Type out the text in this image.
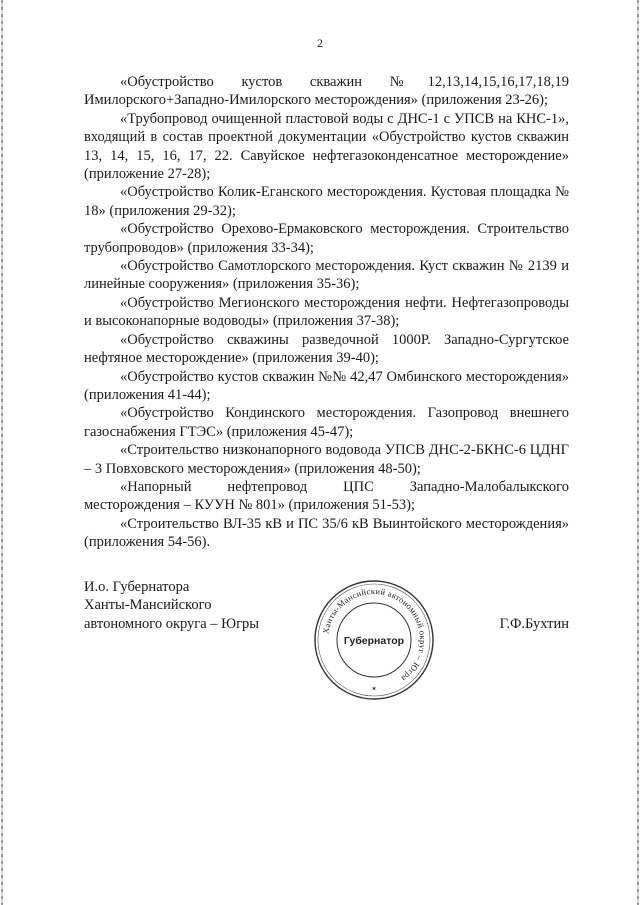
2

«Обустройство кустов скважин №12,13,14,15,16,17,18,19 Имилорского+Западно-Имилорского месторождения» (приложения 23-26);

«Трубопровод очищенной пластовой воды с ДНС-1 с УПСВ на КНС-1», входящий в состав проектной документации «Обустройство кустов скважин 13, 14, 15, 16, 17, 22. Савуйское нефтегазоконденсатное месторождение» (приложение 27-28);

«Обустройство Колик-Еганского месторождения. Кустовая площадка № 18» (приложения 29-32);

«Обустройство Орехово-Ермаковского месторождения. Строительство трубопроводов» (приложения 33-34);

«Обустройство Самотлорского месторождения. Куст скважин № 2139 и линейные сооружения» (приложения 35-36);

«Обустройство Мегионского месторождения нефти. Нефтегазопроводы и высоконапорные водоводы» (приложения 37-38);

«Обустройство скважины разведочной 1000Р. Западно-Сургутское нефтяное месторождение» (приложения 39-40);

«Обустройство кустов скважин №№ 42,47 Омбинского месторождения» (приложения 41-44);

«Обустройство Кондинского месторождения. Газопровод внешнего газоснабжения ГТЭС» (приложения 45-47);

«Строительство низконапорного водовода УПСВ ДНС-2-БКНС-6 ЦДНГ – 3 Повховского месторождения» (приложения 48-50);

«Напорный нефтепровод ЦПС Западно-Малобалыкского месторождения – КУУН № 801» (приложения 51-53);

«Строительство ВЛ-35 кВ и ПС 35/6 кВ Выинтойского месторождения» (приложения 54-56).

И.о. Губернатора
Ханты-Мансийского
автономного округа – Югры	Г.Ф.Бухтин
Ханты-Мансийский автономный округ – Югра
Губернатор
✶
